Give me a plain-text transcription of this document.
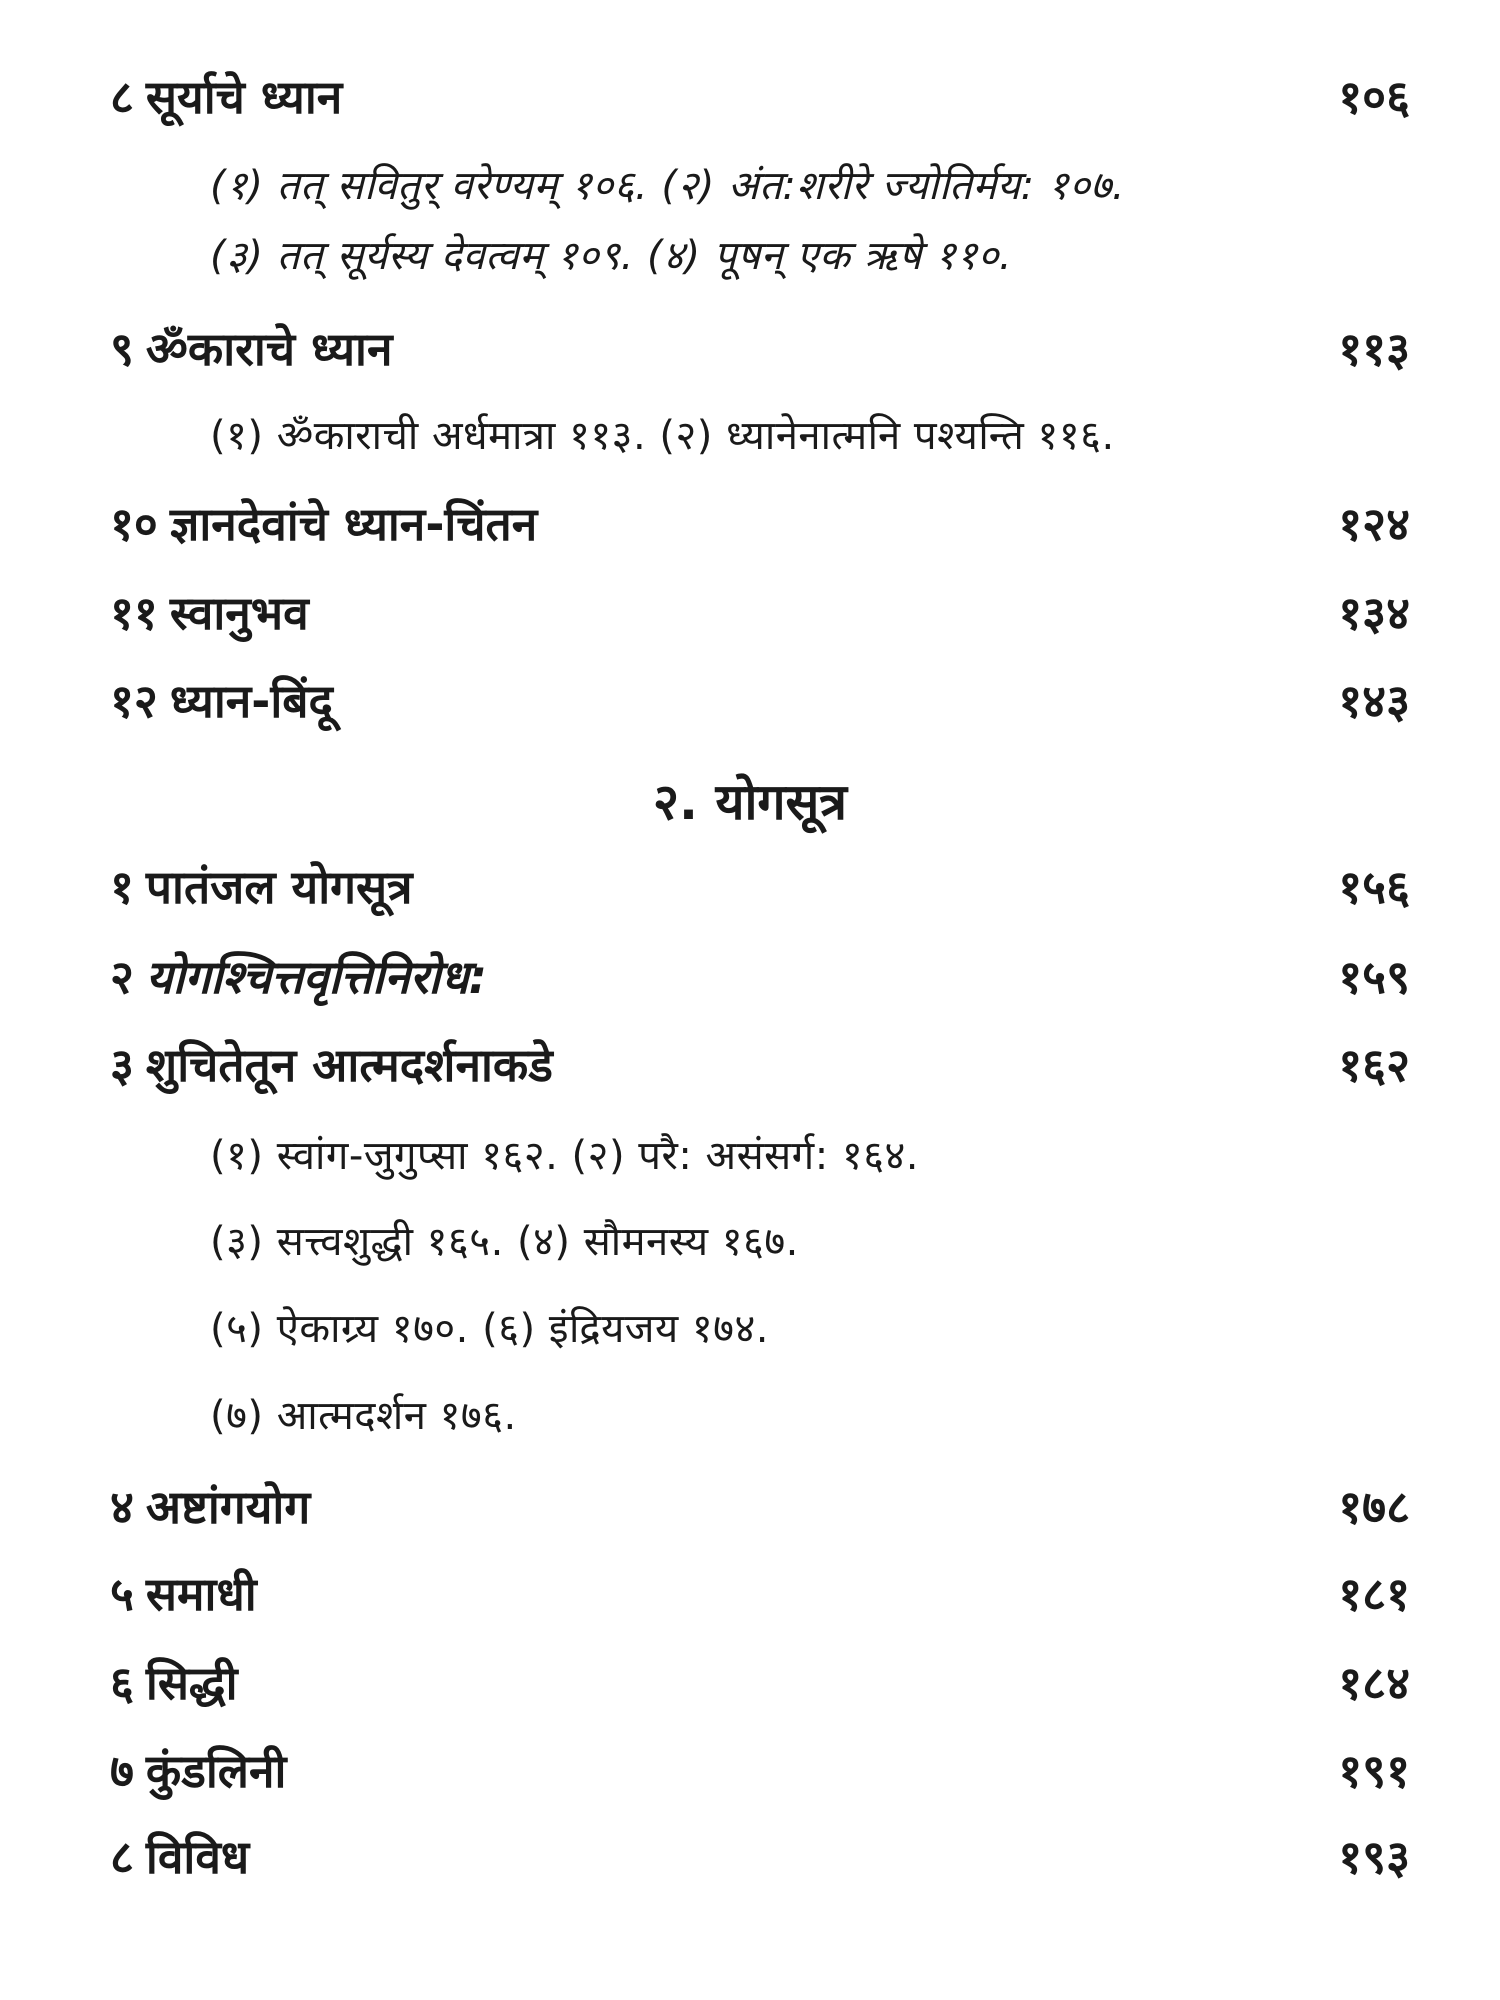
८ सूर्याचे ध्यान	१०६
(१) तत् सवितुर् वरेण्यम् १०६. (२) अंत:शरीरे ज्योतिर्मय: १०७.
(३) तत् सूर्यस्य देवत्वम् १०९. (४) पूषन् एक ऋषे ११०.
९ ॐकाराचे ध्यान	११३
(१) ॐकाराची अर्धमात्रा ११३. (२) ध्यानेनात्मनि पश्यन्ति ११६.
१० ज्ञानदेवांचे ध्यान-चिंतन	१२४
११ स्वानुभव	१३४
१२ ध्यान-बिंदू	१४३
२. योगसूत्र
१ पातंजल योगसूत्र	१५६
२ योगश्चित्तवृत्तिनिरोध:	१५९
३ शुचितेतून आत्मदर्शनाकडे	१६२
(१) स्वांग-जुगुप्सा १६२. (२) परै: असंसर्ग: १६४.
(३) सत्त्वशुद्धी १६५. (४) सौमनस्य १६७.
(५) ऐकाग्र्य १७०. (६) इंद्रियजय १७४.
(७) आत्मदर्शन १७६.
४ अष्टांगयोग	१७८
५ समाधी	१८१
६ सिद्धी	१८४
७ कुंडलिनी	१९१
८ विविध	१९३
